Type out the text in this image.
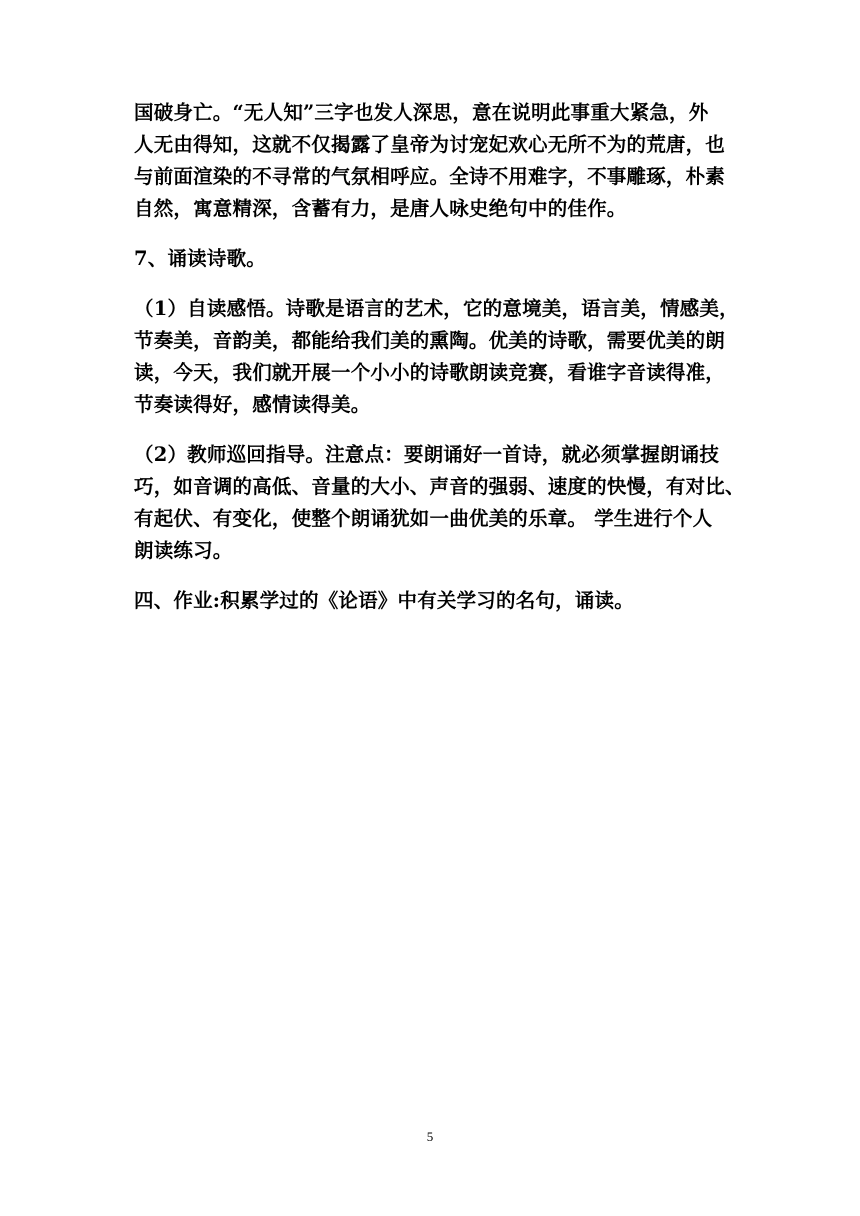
国破身亡。“无人知”三字也发人深思，意在说明此事重大紧急，外
人无由得知，这就不仅揭露了皇帝为讨宠妃欢心无所不为的荒唐，也
与前面渲染的不寻常的气氛相呼应。全诗不用难字，不事雕琢，朴素
自然，寓意精深，含蓄有力，是唐人咏史绝句中的佳作。

7、诵读诗歌。

（1）自读感悟。诗歌是语言的艺术，它的意境美，语言美，情感美，
节奏美，音韵美，都能给我们美的熏陶。优美的诗歌，需要优美的朗
读，今天，我们就开展一个小小的诗歌朗读竞赛，看谁字音读得准，
节奏读得好，感情读得美。

（2）教师巡回指导。注意点：要朗诵好一首诗，就必须掌握朗诵技
巧，如音调的高低、音量的大小、声音的强弱、速度的快慢，有对比、
有起伏、有变化，使整个朗诵犹如一曲优美的乐章。 学生进行个人
朗读练习。

四、作业:积累学过的《论语》中有关学习的名句，诵读。

5
